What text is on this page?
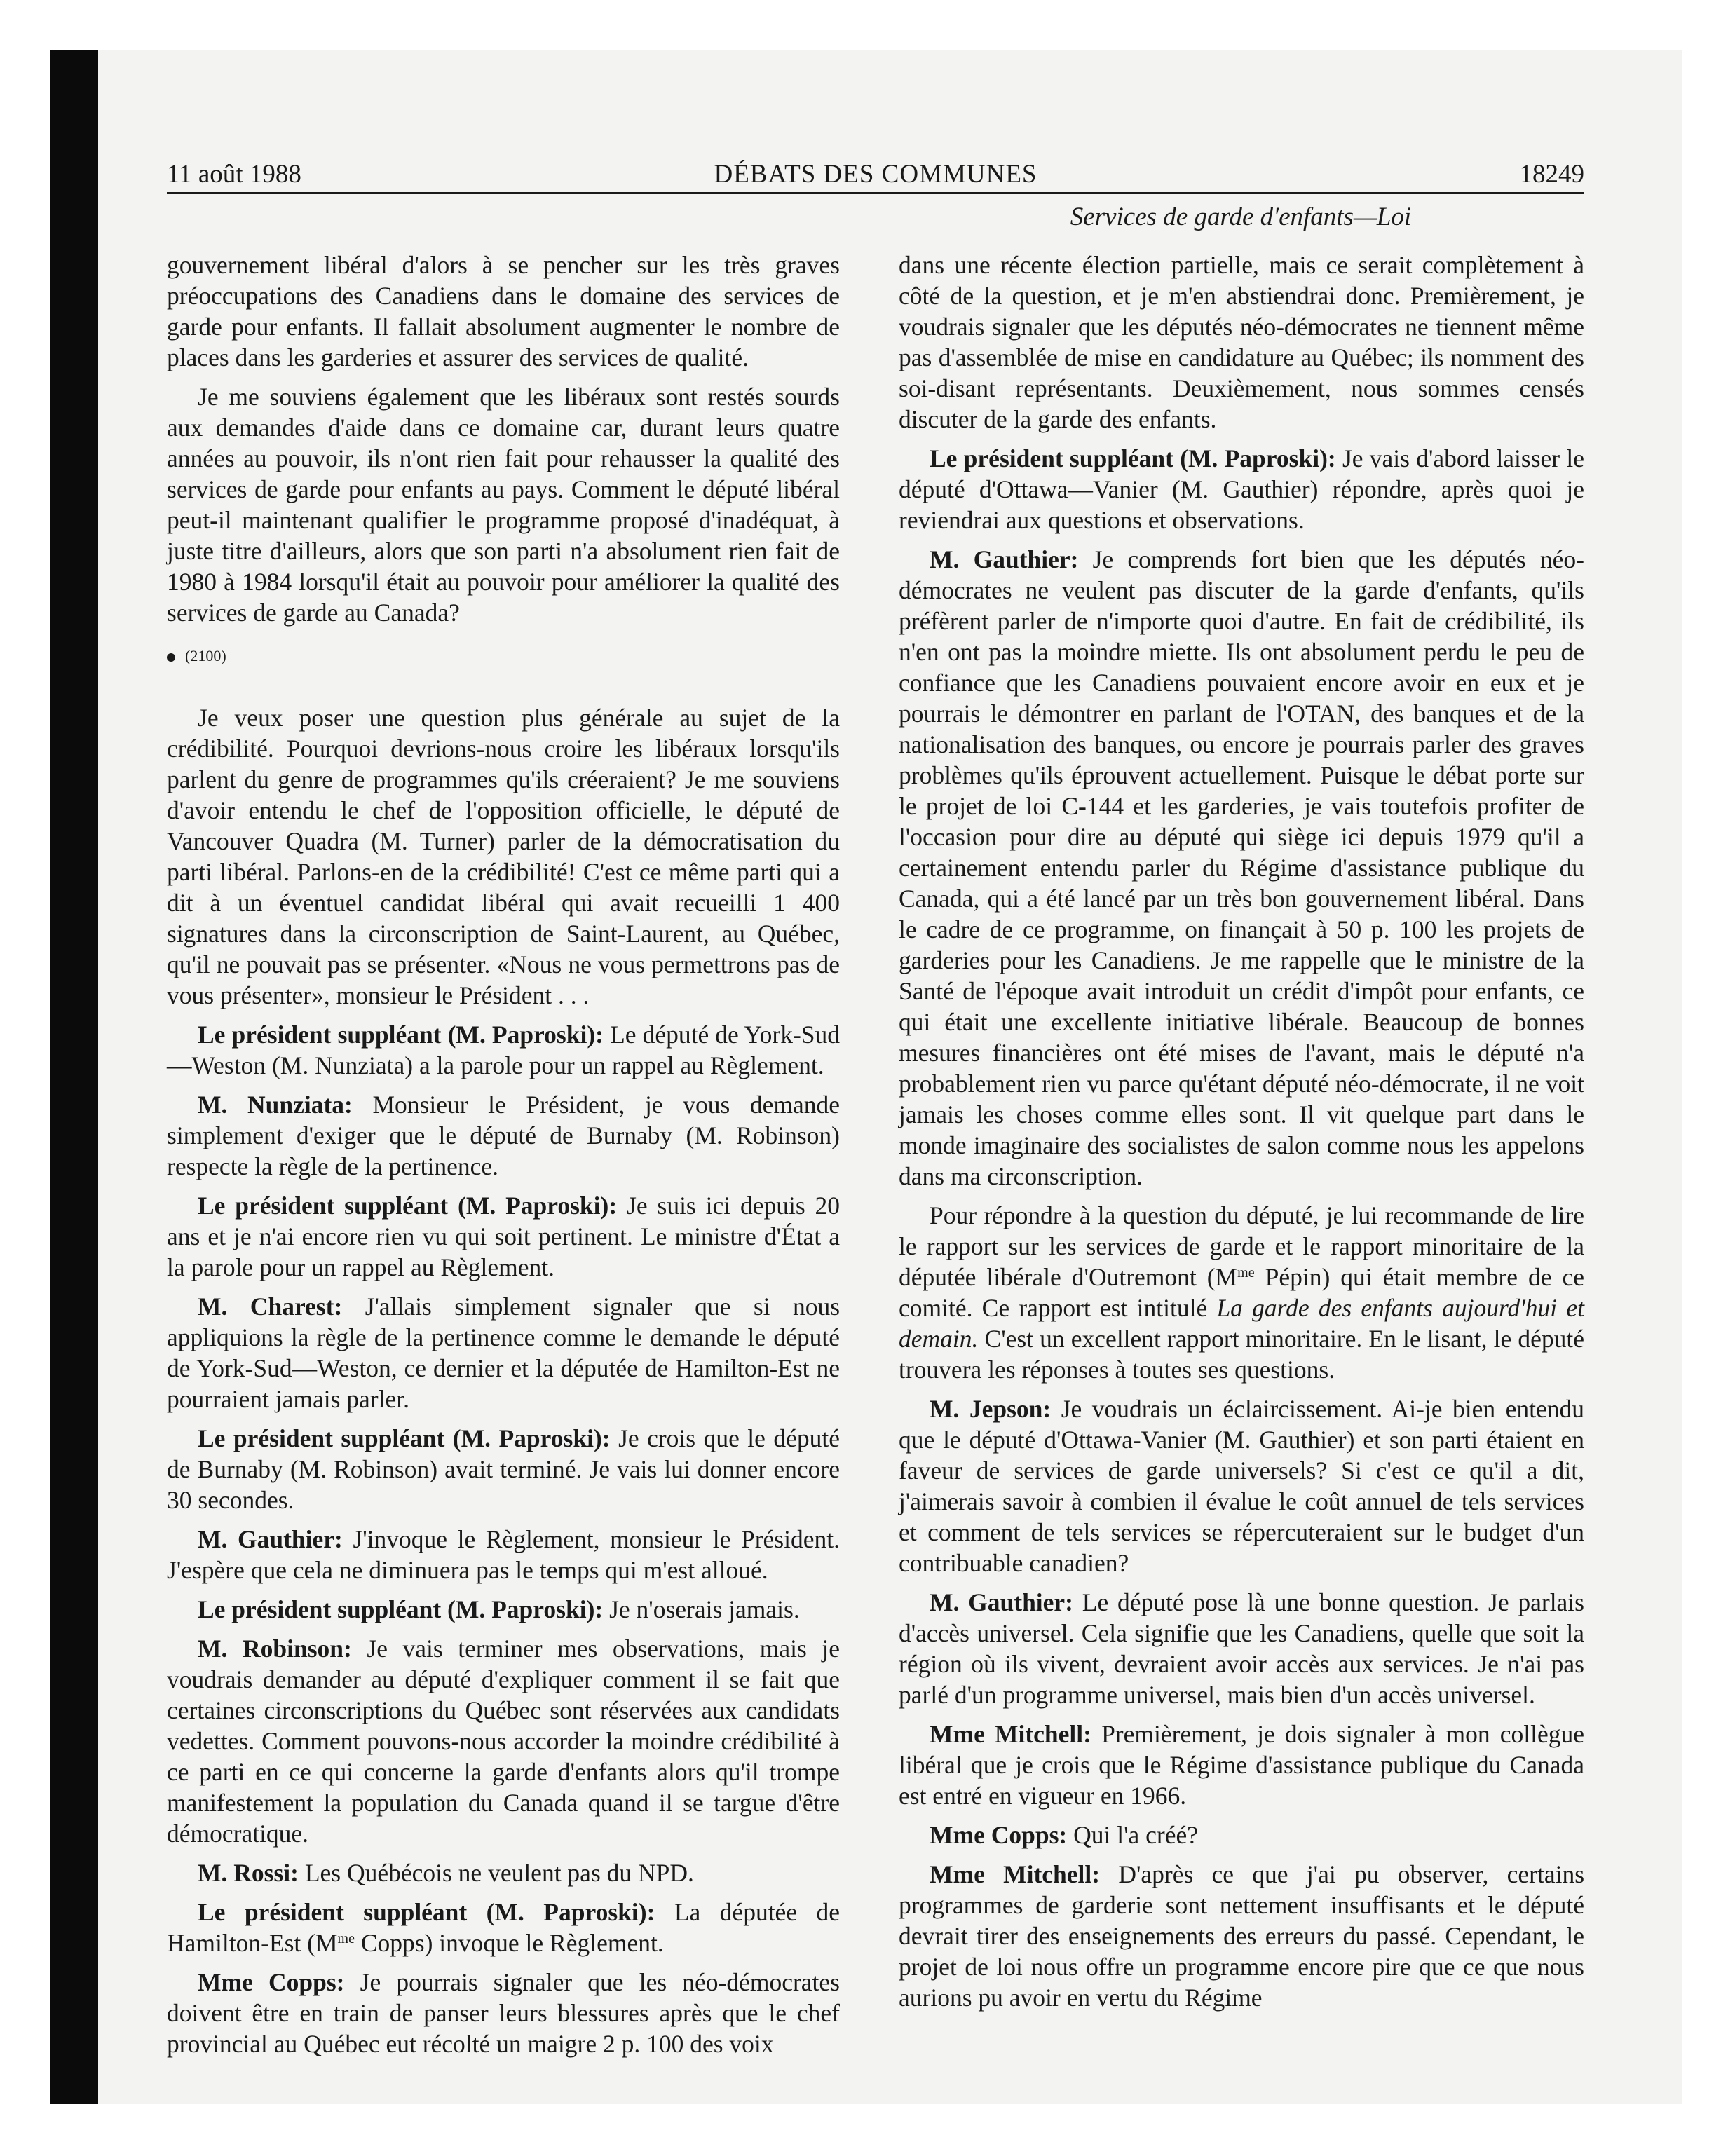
11 août 1988	DÉBATS DES COMMUNES	18249
Services de garde d'enfants—Loi

gouvernement libéral d'alors à se pencher sur les très graves préoccupations des Canadiens dans le domaine des services de garde pour enfants. Il fallait absolument augmenter le nombre de places dans les garderies et assurer des services de qualité.

Je me souviens également que les libéraux sont restés sourds aux demandes d'aide dans ce domaine car, durant leurs quatre années au pouvoir, ils n'ont rien fait pour rehausser la qualité des services de garde pour enfants au pays. Comment le député libéral peut-il maintenant qualifier le programme proposé d'inadéquat, à juste titre d'ailleurs, alors que son parti n'a absolument rien fait de 1980 à 1984 lorsqu'il était au pouvoir pour améliorer la qualité des services de garde au Canada?

(2100)

Je veux poser une question plus générale au sujet de la crédibilité. Pourquoi devrions-nous croire les libéraux lorsqu'ils parlent du genre de programmes qu'ils créeraient? Je me souviens d'avoir entendu le chef de l'opposition officielle, le député de Vancouver Quadra (M. Turner) parler de la démocratisation du parti libéral. Parlons-en de la crédibilité! C'est ce même parti qui a dit à un éventuel candidat libéral qui avait recueilli 1 400 signatures dans la circonscription de Saint-Laurent, au Québec, qu'il ne pouvait pas se présenter. «Nous ne vous permettrons pas de vous présenter», monsieur le Président . . .

Le président suppléant (M. Paproski): Le député de York-Sud—Weston (M. Nunziata) a la parole pour un rappel au Règlement.

M. Nunziata: Monsieur le Président, je vous demande simplement d'exiger que le député de Burnaby (M. Robinson) respecte la règle de la pertinence.

Le président suppléant (M. Paproski): Je suis ici depuis 20 ans et je n'ai encore rien vu qui soit pertinent. Le ministre d'État a la parole pour un rappel au Règlement.

M. Charest: J'allais simplement signaler que si nous appliquions la règle de la pertinence comme le demande le député de York-Sud—Weston, ce dernier et la députée de Hamilton-Est ne pourraient jamais parler.

Le président suppléant (M. Paproski): Je crois que le député de Burnaby (M. Robinson) avait terminé. Je vais lui donner encore 30 secondes.

M. Gauthier: J'invoque le Règlement, monsieur le Président. J'espère que cela ne diminuera pas le temps qui m'est alloué.

Le président suppléant (M. Paproski): Je n'oserais jamais.

M. Robinson: Je vais terminer mes observations, mais je voudrais demander au député d'expliquer comment il se fait que certaines circonscriptions du Québec sont réservées aux candidats vedettes. Comment pouvons-nous accorder la moindre crédibilité à ce parti en ce qui concerne la garde d'enfants alors qu'il trompe manifestement la population du Canada quand il se targue d'être démocratique.

M. Rossi: Les Québécois ne veulent pas du NPD.

Le président suppléant (M. Paproski): La députée de Hamilton-Est ($M^{me}$ Copps) invoque le Règlement.

Mme Copps: Je pourrais signaler que les néo-démocrates doivent être en train de panser leurs blessures après que le chef provincial au Québec eut récolté un maigre 2 p. 100 des voix

dans une récente élection partielle, mais ce serait complètement à côté de la question, et je m'en abstiendrai donc. Premièrement, je voudrais signaler que les députés néo-démocrates ne tiennent même pas d'assemblée de mise en candidature au Québec; ils nomment des soi-disant représentants. Deuxièmement, nous sommes censés discuter de la garde des enfants.

Le président suppléant (M. Paproski): Je vais d'abord laisser le député d'Ottawa—Vanier (M. Gauthier) répondre, après quoi je reviendrai aux questions et observations.

M. Gauthier: Je comprends fort bien que les députés néo-démocrates ne veulent pas discuter de la garde d'enfants, qu'ils préfèrent parler de n'importe quoi d'autre. En fait de crédibilité, ils n'en ont pas la moindre miette. Ils ont absolument perdu le peu de confiance que les Canadiens pouvaient encore avoir en eux et je pourrais le démontrer en parlant de l'OTAN, des banques et de la nationalisation des banques, ou encore je pourrais parler des graves problèmes qu'ils éprouvent actuellement. Puisque le débat porte sur le projet de loi C-144 et les garderies, je vais toutefois profiter de l'occasion pour dire au député qui siège ici depuis 1979 qu'il a certainement entendu parler du Régime d'assistance publique du Canada, qui a été lancé par un très bon gouvernement libéral. Dans le cadre de ce programme, on finançait à 50 p. 100 les projets de garderies pour les Canadiens. Je me rappelle que le ministre de la Santé de l'époque avait introduit un crédit d'impôt pour enfants, ce qui était une excellente initiative libérale. Beaucoup de bonnes mesures financières ont été mises de l'avant, mais le député n'a probablement rien vu parce qu'étant député néo-démocrate, il ne voit jamais les choses comme elles sont. Il vit quelque part dans le monde imaginaire des socialistes de salon comme nous les appelons dans ma circonscription.

Pour répondre à la question du député, je lui recommande de lire le rapport sur les services de garde et le rapport minoritaire de la députée libérale d'Outremont ($M^{me}$ Pépin) qui était membre de ce comité. Ce rapport est intitulé La garde des enfants aujourd'hui et demain. C'est un excellent rapport minoritaire. En le lisant, le député trouvera les réponses à toutes ses questions.

M. Jepson: Je voudrais un éclaircissement. Ai-je bien entendu que le député d'Ottawa-Vanier (M. Gauthier) et son parti étaient en faveur de services de garde universels? Si c'est ce qu'il a dit, j'aimerais savoir à combien il évalue le coût annuel de tels services et comment de tels services se répercuteraient sur le budget d'un contribuable canadien?

M. Gauthier: Le député pose là une bonne question. Je parlais d'accès universel. Cela signifie que les Canadiens, quelle que soit la région où ils vivent, devraient avoir accès aux services. Je n'ai pas parlé d'un programme universel, mais bien d'un accès universel.

Mme Mitchell: Premièrement, je dois signaler à mon collègue libéral que je crois que le Régime d'assistance publique du Canada est entré en vigueur en 1966.

Mme Copps: Qui l'a créé?

Mme Mitchell: D'après ce que j'ai pu observer, certains programmes de garderie sont nettement insuffisants et le député devrait tirer des enseignements des erreurs du passé. Cependant, le projet de loi nous offre un programme encore pire que ce que nous aurions pu avoir en vertu du Régime
